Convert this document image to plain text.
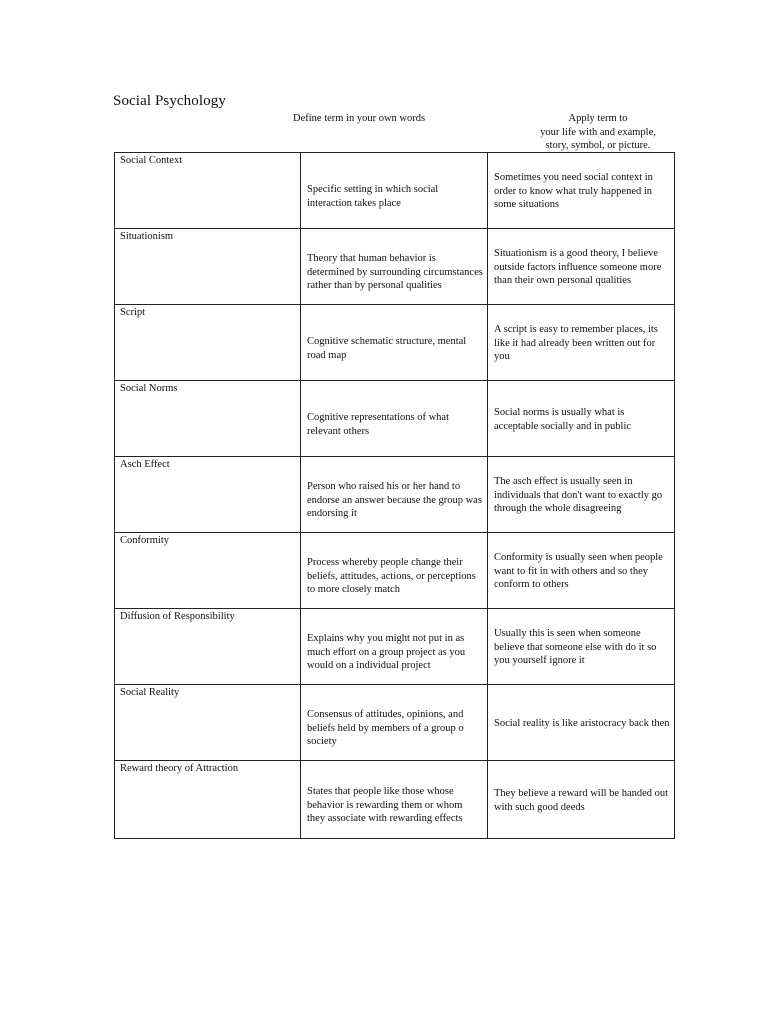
Social Psychology
Define term in your own words	Apply term to
your life with and example,
story, symbol, or picture.
Social Context	Specific setting in which social interaction takes place	Sometimes you need social context in order to know what truly happened in some situations

Situationism	Theory that human behavior is determined by surrounding circumstances rather than by personal qualities	Situationism is a good theory, I believe outside factors influence someone more than their own personal qualities

Script	Cognitive schematic structure, mental road map	A script is easy to remember places, its like it had already been written out for you

Social Norms	Cognitive representations of what relevant others	Social norms is usually what is acceptable socially and in public

Asch Effect	Person who raised his or her hand to endorse an answer because the group was endorsing it	The asch effect is usually seen in individuals that don't want to exactly go through the whole disagreeing

Conformity	Process whereby people change their beliefs, attitudes, actions, or perceptions to more closely match	Conformity is usually seen when people want to fit in with others and so they conform to others

Diffusion of Responsibility	Explains why you might not put in as much effort on a group project as you would on a individual project	Usually this is seen when someone believe that someone else with do it so you yourself ignore it

Social Reality	Consensus of attitudes, opinions, and beliefs held by members of a group o society	Social reality is like aristocracy back then

Reward theory of Attraction	States that people like those whose behavior is rewarding them or whom they associate with rewarding effects	They believe a reward will be handed out with such good deeds
